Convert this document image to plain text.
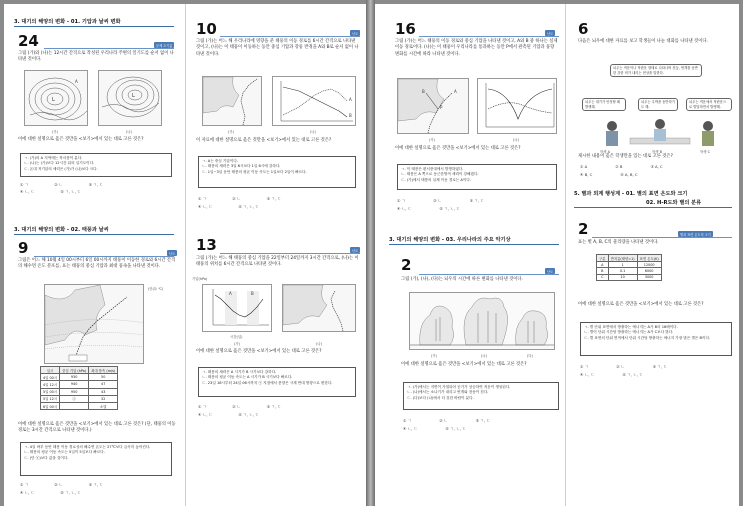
3. 대기의 해양의 변화 - 01. 기압과 날씨 변화
24	문제 초기값
그림 (가)와 (나)는 12시간 간격으로 작성된 우리나라 주변의 일기도를 순서 없이 나타낸 것이다.
L
A
L
(가)	(나)
이에 대한 설명으로 옳은 것만을 <보기>에서 있는 대로 고른 것은?
ㄱ. (가)의 A 지역에는 북서풍이 분다.
ㄴ. (나)는 (가)보다 12시간 뒤의 일기도이다.
ㄷ. 온대 저기압의 세력은 (가)가 (나)보다 크다.
① ㄱ	② ㄴ	③ ㄱ, ㄷ
④ ㄴ, ㄷ	⑤ ㄱ, ㄴ, ㄷ
3. 대기의 해양의 변화 - 02. 태풍과 날씨
9	난도
그림은 어느 해 10월 4일 00시부터 6일 00시까지 태풍이 이동한 경로와 6시간 간격의 해수면 온도 분포를, 표는 태풍의 중심 기압과 최대 풍속을 나타낸 것이다.
(단위: ℃)
일시	중심 기압 (hPa)	최대 풍속 (m/s)
4일 00시	930	50
4일 12시	940	47
5일 00시	950	43
5일 12시	ⓐ	32
6일 00시		소멸
이에 대한 설명으로 옳은 것만을 <보기>에서 있는 대로 고른 것은? (단, 태풍의 이동 경로는 3시간 간격으로 나타낸 것이다.)
ㄱ. 4일 바부 동안 태풍 이동 경로상의 해수면 온도는 27℃보다 급속히 높아진다.
ㄴ. 태풍의 평균 이동 속도는 5일이 5일보다 빠르다.
ㄷ. (단 ⓐ)보다 값을 것이다.
① ㄱ	② ㄴ	③ ㄱ, ㄷ
④ ㄴ, ㄷ	⑤ ㄱ, ㄴ, ㄷ
10	난도
그림 (가)는 어느 해 우리나라에 영향을 준 태풍의 이동 경로를 6시간 간격으로 나타낸 것이고, (나)는 이 태풍이 이동하는 동안 중심 기압과 강풍 반경을 A와 B로 순서 없이 나타낸 것이다.
A
B
(가)	(나)
이 자료에 대한 설명으로 옳은 것만을 <보기>에서 있는 대로 고른 것은?
ㄱ. A는 중심 기압이다.
ㄴ. 태풍의 세력은 3일 6시보다 1일 6시에 강하다.
ㄷ. 1일~3일 동안 태풍의 평균 이동 속도는 1일보다 2일이 빠르다.
① ㄱ	② ㄴ	③ ㄱ, ㄷ
④ ㄴ, ㄷ	⑤ ㄱ, ㄴ, ㄷ
13	난도
그림 (가)는 어느 해 태풍의 중심 기압을 22일부터 24일까지 3시간 간격으로, (나)는 이 태풍의 위치를 6시간 간격으로 나타낸 것이다.
A	B
시간(일)
기압(hPa)
(가)	(나)
이에 대한 설명으로 옳은 것만을 <보기>에서 있는 대로 고른 것은?
ㄱ. 태풍의 세력은 A 시기가 B 시기보다 강하다.
ㄴ. 태풍의 평균 이동 속도는 A 시기가 B 시기보다 빠르다.
ㄷ. 23일 18시부터 24일 06시까지 ㉠ 지점에서 풍향은 시계 반대 방향으로 변한다.
① ㄱ	② ㄴ	③ ㄱ, ㄷ
④ ㄴ, ㄷ	⑤ ㄱ, ㄴ, ㄷ
16	난도
그림 (가)는 어느 태풍의 이동 경로와 중심 기압을 나타낸 것이고, A와 B 중 하나는 실제 이동 경로이다. (나)는 이 태풍이 우리나라를 통과하는 동안 P에서 관측된 기압과 풍향 변화를 시간에 따라 나타낸 것이다.
A
B
P
(가)	(나)
이에 대한 설명으로 옳은 것만을 <보기>에서 있는 대로 고른 것은?
ㄱ. 이 태풍은 편서풍대에서 발생하였다.
ㄴ. 태풍은 A 쪽으로 동근한방적 세력이 강해졌다.
ㄷ. (가)에서 태풍의 실제 이동 경로는 A이다.
① ㄱ	② ㄴ	③ ㄱ, ㄷ
④ ㄴ, ㄷ	⑤ ㄱ, ㄴ, ㄷ
3. 대기의 해양의 변화 - 03. 우리나라의 주요 악기상
2	난도
그림 (가), (나), (다)는 뇌우의 시간에 따른 변화를 나타낸 것이다.
(가)	(나)	(다)
이에 대한 설명으로 옳은 것만을 <보기>에서 있는 대로 고른 것은?
ㄱ. (가)에서는 지면이 가열되어 공기가 상승하여 적운이 생성된다.
ㄴ. (나)에서는 소나기가 내리고 번개와 천둥이 친다.
ㄷ. (다)보다 (나)에서 더 강한 바람이 분다.
① ㄱ	② ㄴ	③ ㄱ, ㄷ
④ ㄴ, ㄷ	⑤ ㄱ, ㄴ, ㄷ
6
다음은 뇌우에 대한 자료를 보고 학생들이 나눈 대화를 나타낸 것이다.
뇌우는 적운이나 적란운 형태로 나타나며 천둥, 번개를 동반한 강한 비가 내리는 현상을 말한다.
뇌우는 대기가 안정할 때 발생해.
뇌우는 우박을 동반하기도 해.
뇌우는 적운에서 적란운으로 발달하면서 발생해.
학생 A	학생 B	학생 C
제시한 내용이 옳은 학생만을 있는 대로 고른 것은?
① A	② B	③ A, C
④ B, C	⑤ A, B, C
5. 별과 외계 행성계 - 01. 별의 표면 온도와 크기
02. H-R도와 별의 분류
2	별과 표면 온도의 크기
표는 별 A, B, C의 물리량을 나타낸 것이다.
구분	반지름(태양=1)	표면 온도(K)
A	1	12000
B	0.1	6000
C	10	3000
이에 대한 설명으로 옳은 것만을 <보기>에서 있는 대로 고른 것은?
ㄱ. 별 단위 표면에서 방출하는 에너지는 A가 B의 16배이다.
ㄴ. 별이 단위 시간당 방출하는 에너지는 A가 C보다 많다.
ㄷ. 별 표면의 단위 면적에서 단위 시간당 방출하는 에너지 가장 많은 별은 B이다.
① ㄱ	② ㄴ	③ ㄱ, ㄷ
④ ㄴ, ㄷ	⑤ ㄱ, ㄴ, ㄷ
